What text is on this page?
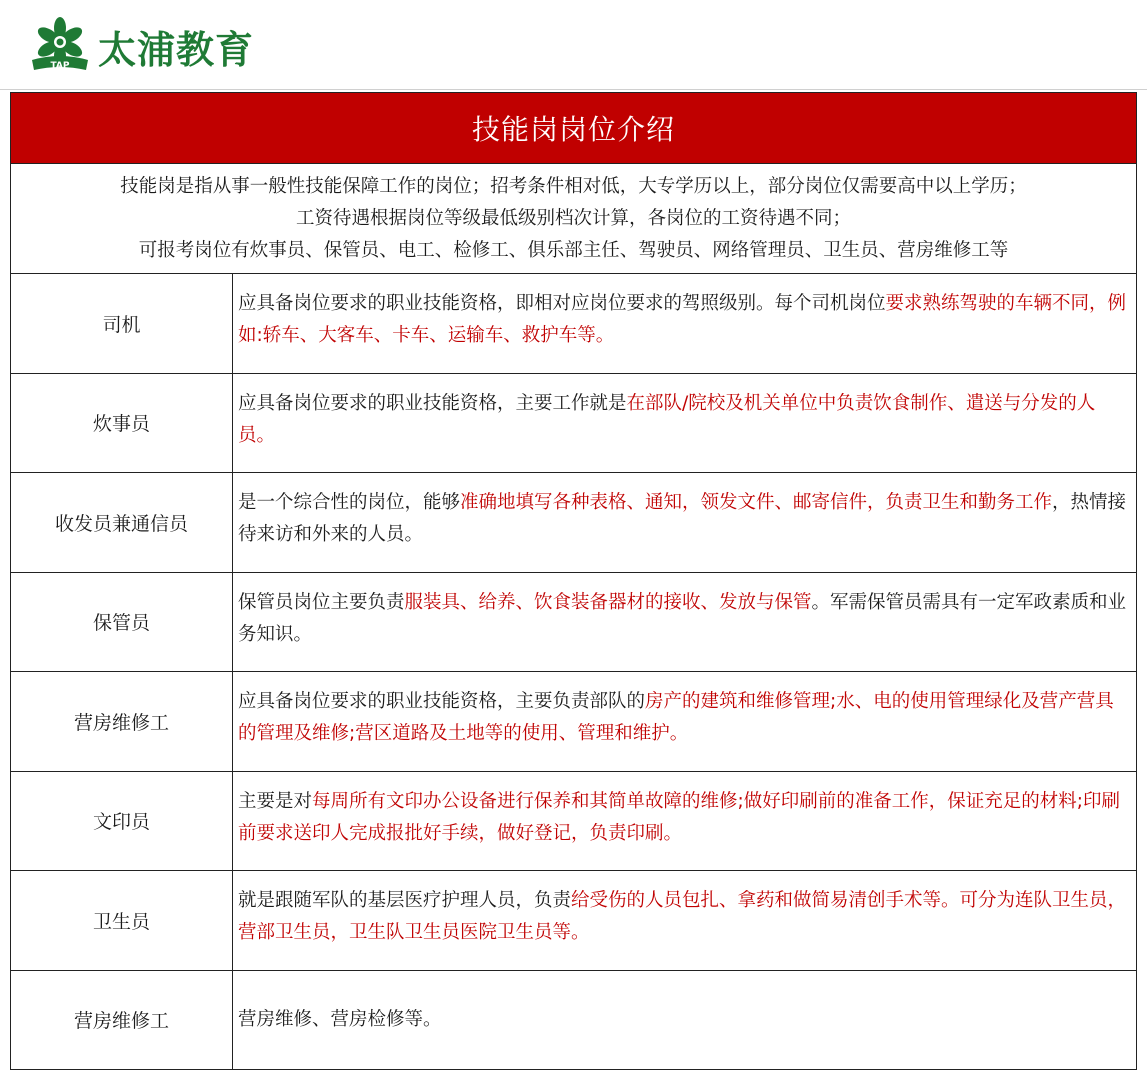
TAP 太浦教育
技能岗岗位介绍
技能岗是指从事一般性技能保障工作的岗位；招考条件相对低，大专学历以上，部分岗位仅需要高中以上学历；
工资待遇根据岗位等级最低级别档次计算，各岗位的工资待遇不同；
可报考岗位有炊事员、保管员、电工、检修工、俱乐部主任、驾驶员、网络管理员、卫生员、营房维修工等
司机
应具备岗位要求的职业技能资格，即相对应岗位要求的驾照级别。每个司机岗位要求熟练驾驶的车辆不同，例如:轿车、大客车、卡车、运输车、救护车等。
炊事员
应具备岗位要求的职业技能资格，主要工作就是在部队/院校及机关单位中负责饮食制作、遣送与分发的人员。
收发员兼通信员
是一个综合性的岗位，能够准确地填写各种表格、通知，领发文件、邮寄信件，负责卫生和勤务工作，热情接待来访和外来的人员。
保管员
保管员岗位主要负责服装具、给养、饮食装备器材的接收、发放与保管。军需保管员需具有一定军政素质和业务知识。
营房维修工
应具备岗位要求的职业技能资格，主要负责部队的房产的建筑和维修管理;水、电的使用管理绿化及营产营具的管理及维修;营区道路及土地等的使用、管理和维护。
文印员
主要是对每周所有文印办公设备进行保养和其简单故障的维修;做好印刷前的准备工作，保证充足的材料;印刷前要求送印人完成报批好手续，做好登记，负责印刷。
卫生员
就是跟随军队的基层医疗护理人员，负责给受伤的人员包扎、拿药和做简易清创手术等。可分为连队卫生员，营部卫生员，卫生队卫生员医院卫生员等。
营房维修工	营房维修、营房检修等。
